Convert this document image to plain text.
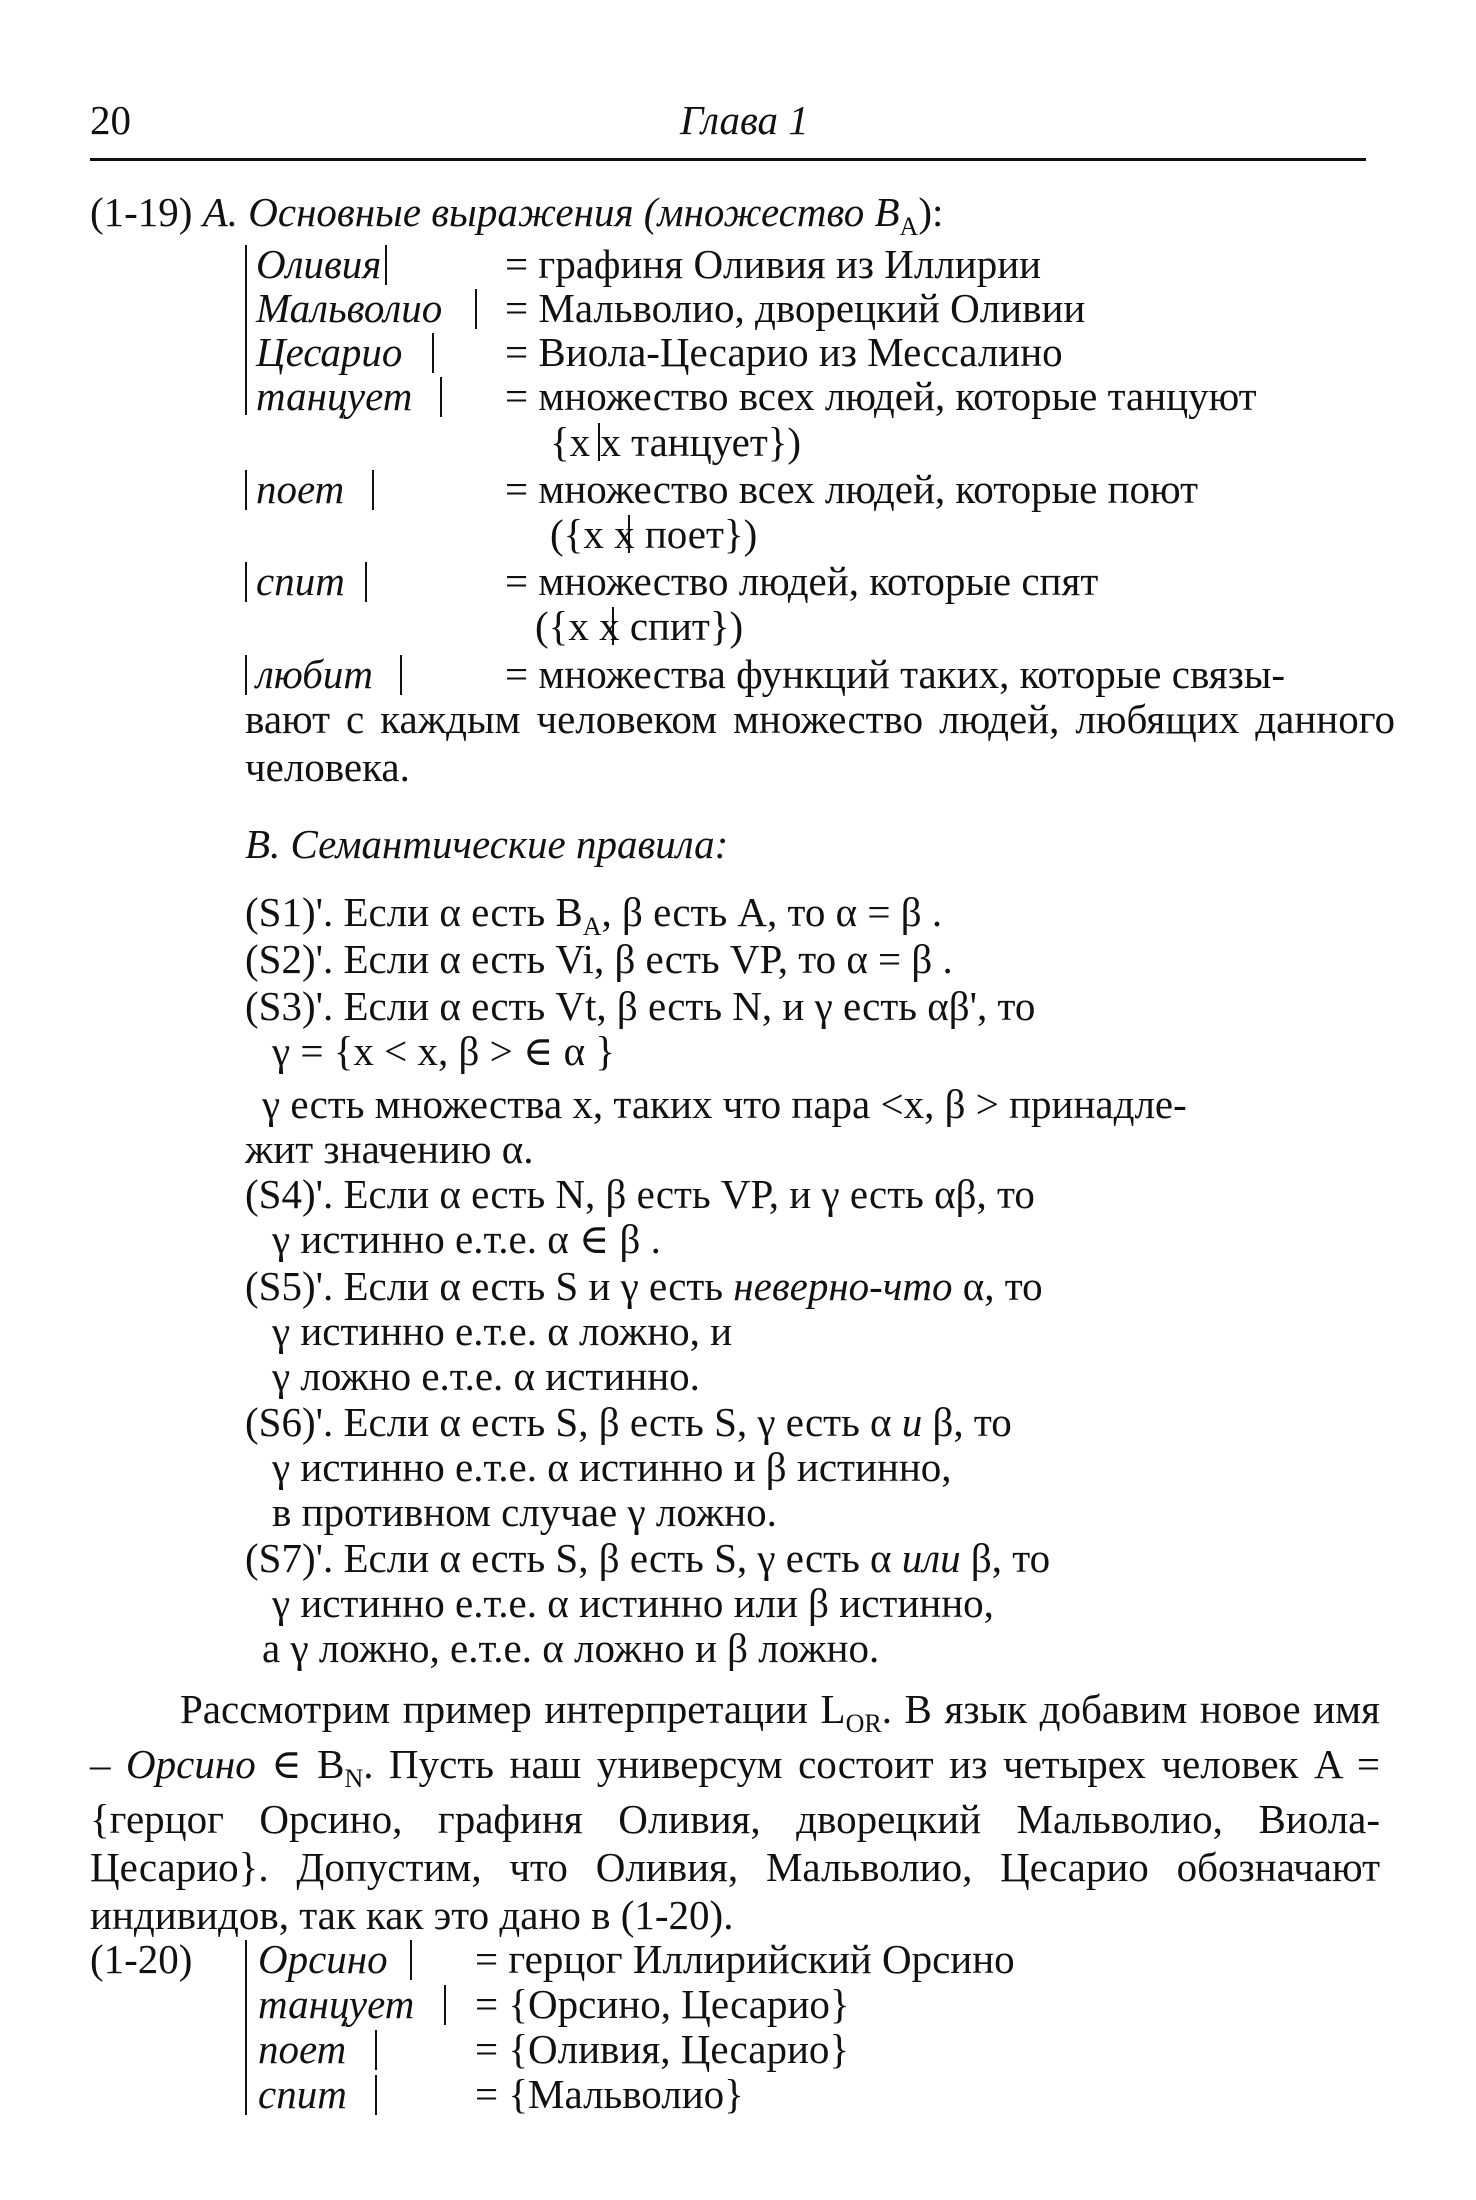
20	Глава 1
(1-19) А. Основные выражения (множество $B_A$):
Оливия	= графиня Оливия из Иллирии
Мальволио = Мальволио, дворецкий Оливии
Цесарио	= Виола-Цесарио из Мессалино
танцует = множество всех людей, которые танцуют
{x x танцует})
поет	= множество всех людей, которые поют
({x x поет})
спит	= множество людей, которые спят
({x x спит})
любит	= множества функций таких, которые связы-
вают с каждым человеком множество людей, любящих данного человека.
В. Семантические правила:
(S1)'. Если α есть $B_A$, β есть A, то α = β .
(S2)'. Если α есть Vi, β есть VP, то α = β .
(S3)'. Если α есть Vt, β есть N, и γ есть αβ', то
γ = {x < x, β > ∈ α }
γ есть множества x, таких что пара <x, β > принадле-
жит значению α.
(S4)'. Если α есть N, β есть VP, и γ есть αβ, то
γ истинно е.т.е. α ∈ β .
(S5)'. Если α есть S и γ есть неверно-что α, то
γ истинно е.т.е. α ложно, и
γ ложно е.т.е. α истинно.
(S6)'. Если α есть S, β есть S, γ есть α и β, то
γ истинно е.т.е. α истинно и β истинно,
в противном случае γ ложно.
(S7)'. Если α есть S, β есть S, γ есть α или β, то
γ истинно е.т.е. α истинно или β истинно,
а γ ложно, е.т.е. α ложно и β ложно.
Рассмотрим пример интерпретации $L_{OR}$. В язык добавим новое имя – Орсино ∈ $B_N$. Пусть наш универсум состоит из четырех человек A = {герцог Орсино, графиня Оливия, дворецкий Мальволио, Виола-Цесарио}. Допустим, что Оливия, Мальволио, Цесарио обозначают индивидов, так как это дано в (1-20).
(1-20) Орсино = герцог Иллирийский Орсино
танцует = {Орсино, Цесарио}
поет	= {Оливия, Цесарио}
спит	= {Мальволио}
